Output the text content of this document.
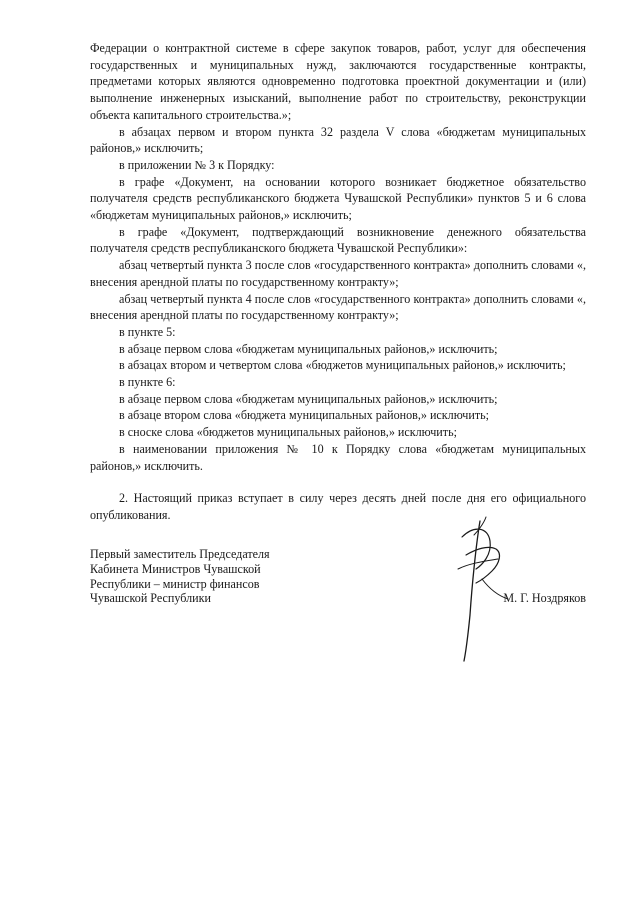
Федерации о контрактной системе в сфере закупок товаров, работ, услуг для обеспечения государственных и муниципальных нужд, заключаются государственные контракты, предметами которых являются одновременно подготовка проектной документации и (или) выполнение инженерных изысканий, выполнение работ по строительству, реконструкции объекта капитального строительства.»;

в абзацах первом и втором пункта 32 раздела V слова «бюджетам муниципальных районов,» исключить;

в приложении № 3 к Порядку:

в графе «Документ, на основании которого возникает бюджетное обязательство получателя средств республиканского бюджета Чувашской Республики» пунктов 5 и 6 слова «бюджетам муниципальных районов,» исключить;

в графе «Документ, подтверждающий возникновение денежного обязательства получателя средств республиканского бюджета Чувашской Республики»:

абзац четвертый пункта 3 после слов «государственного контракта» дополнить словами «, внесения арендной платы по государственному контракту»;

абзац четвертый пункта 4 после слов «государственного контракта» дополнить словами «, внесения арендной платы по государственному контракту»;

в пункте 5:

в абзаце первом слова «бюджетам муниципальных районов,» исключить;

в абзацах втором и четвертом слова «бюджетов муниципальных районов,» исключить;

в пункте 6:

в абзаце первом слова «бюджетам муниципальных районов,» исключить;

в абзаце втором слова «бюджета муниципальных районов,» исключить;

в сноске слова «бюджетов муниципальных районов,» исключить;

в наименовании приложения № 10 к Порядку слова «бюджетам муниципальных районов,» исключить.

2. Настоящий приказ вступает в силу через десять дней после дня его официального опубликования.

Первый заместитель Председателя
Кабинета Министров Чувашской
Республики – министр финансов
Чувашской Республики	М. Г. Ноздряков
